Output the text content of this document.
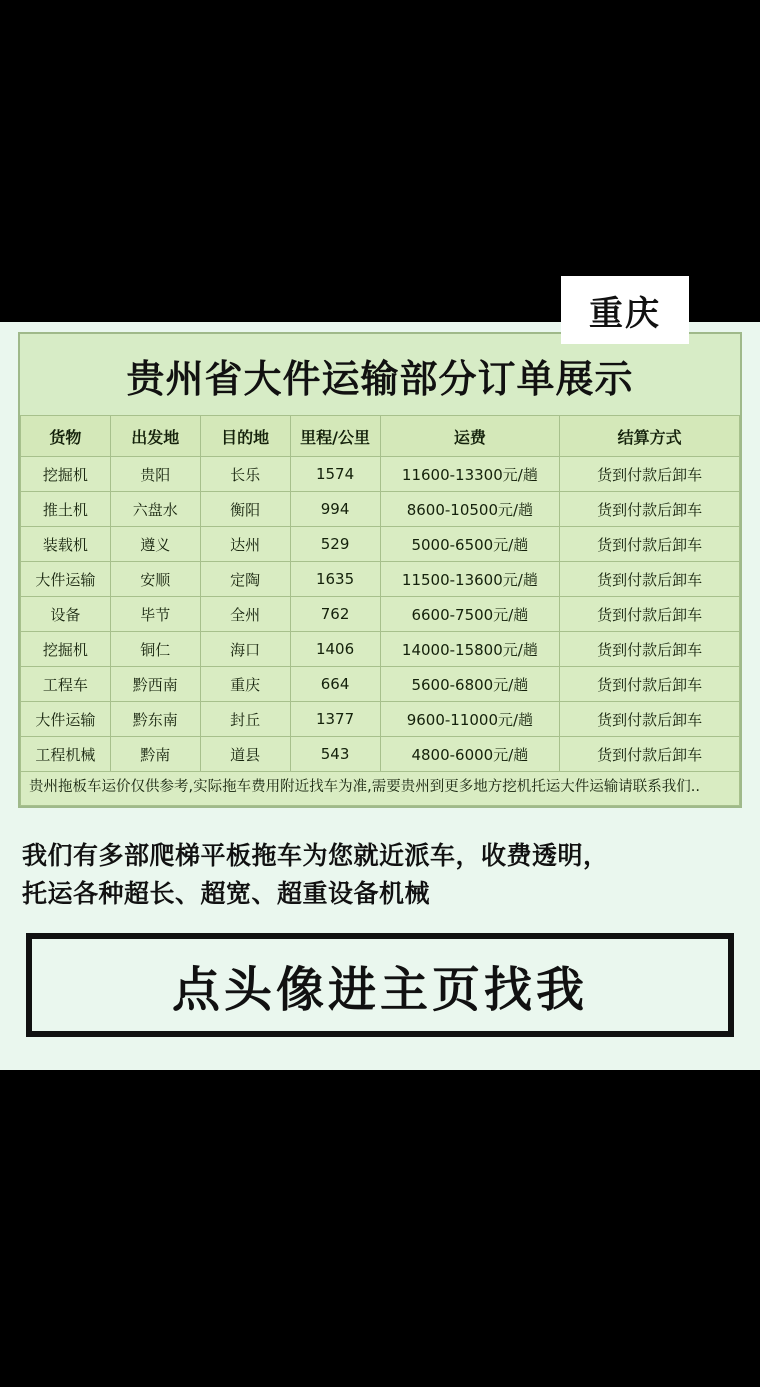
重庆
贵州省大件运输部分订单展示
货物	出发地	目的地	里程/公里	运费	结算方式
挖掘机	贵阳	长乐	1574	11600-13300元/趟	货到付款后卸车
推土机	六盘水	衡阳	994	8600-10500元/趟	货到付款后卸车
装载机	遵义	达州	529	5000-6500元/趟	货到付款后卸车
大件运输	安顺	定陶	1635	11500-13600元/趟	货到付款后卸车
设备	毕节	全州	762	6600-7500元/趟	货到付款后卸车
挖掘机	铜仁	海口	1406	14000-15800元/趟	货到付款后卸车
工程车	黔西南	重庆	664	5600-6800元/趟	货到付款后卸车
大件运输	黔东南	封丘	1377	9600-11000元/趟	货到付款后卸车
工程机械	黔南	道县	543	4800-6000元/趟	货到付款后卸车
贵州拖板车运价仅供参考,实际拖车费用附近找车为准,需要贵州到更多地方挖机托运大件运输请联系我们..
我们有多部爬梯平板拖车为您就近派车，收费透明，
托运各种超长、超宽、超重设备机械
点头像进主页找我
